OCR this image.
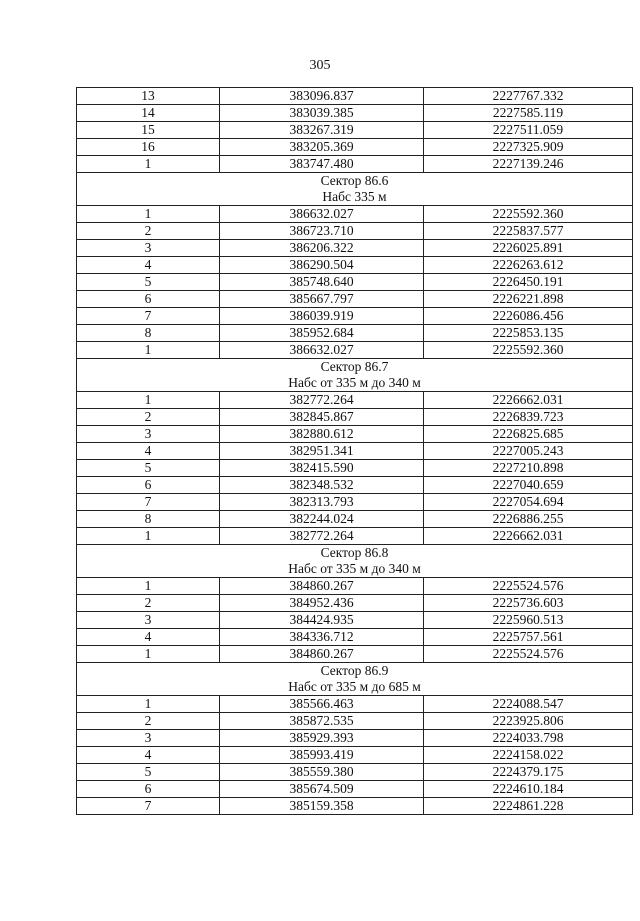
305
13	383096.837	2227767.332
14	383039.385	2227585.119
15	383267.319	2227511.059
16	383205.369	2227325.909
1	383747.480	2227139.246
Сектор 86.6		
Набс 335 м		
1	386632.027	2225592.360
2	386723.710	2225837.577
3	386206.322	2226025.891
4	386290.504	2226263.612
5	385748.640	2226450.191
6	385667.797	2226221.898
7	386039.919	2226086.456
8	385952.684	2225853.135
1	386632.027	2225592.360
Сектор 86.7		
Набс от 335 м до 340 м		
1	382772.264	2226662.031
2	382845.867	2226839.723
3	382880.612	2226825.685
4	382951.341	2227005.243
5	382415.590	2227210.898
6	382348.532	2227040.659
7	382313.793	2227054.694
8	382244.024	2226886.255
1	382772.264	2226662.031
Сектор 86.8		
Набс от 335 м до 340 м		
1	384860.267	2225524.576
2	384952.436	2225736.603
3	384424.935	2225960.513
4	384336.712	2225757.561
1	384860.267	2225524.576
Сектор 86.9		
Набс от 335 м до 685 м		
1	385566.463	2224088.547
2	385872.535	2223925.806
3	385929.393	2224033.798
4	385993.419	2224158.022
5	385559.380	2224379.175
6	385674.509	2224610.184
7	385159.358	2224861.228
